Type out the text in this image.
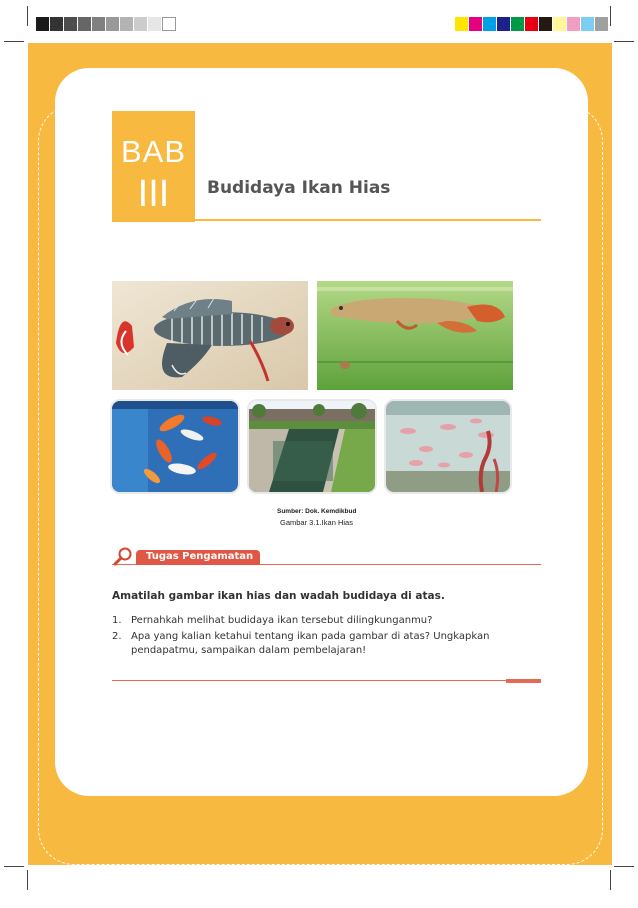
BAB
III	Budidaya Ikan Hias
Sumber: Dok. Kemdikbud
Gambar 3.1.Ikan Hias
Tugas Pengamatan
Amatilah gambar ikan hias dan wadah budidaya di atas.
1. Pernahkah melihat budidaya ikan tersebut dilingkunganmu?
2. Apa yang kalian ketahui tentang ikan pada gambar di atas? Ungkapkan pendapatmu, sampaikan dalam pembelajaran!
